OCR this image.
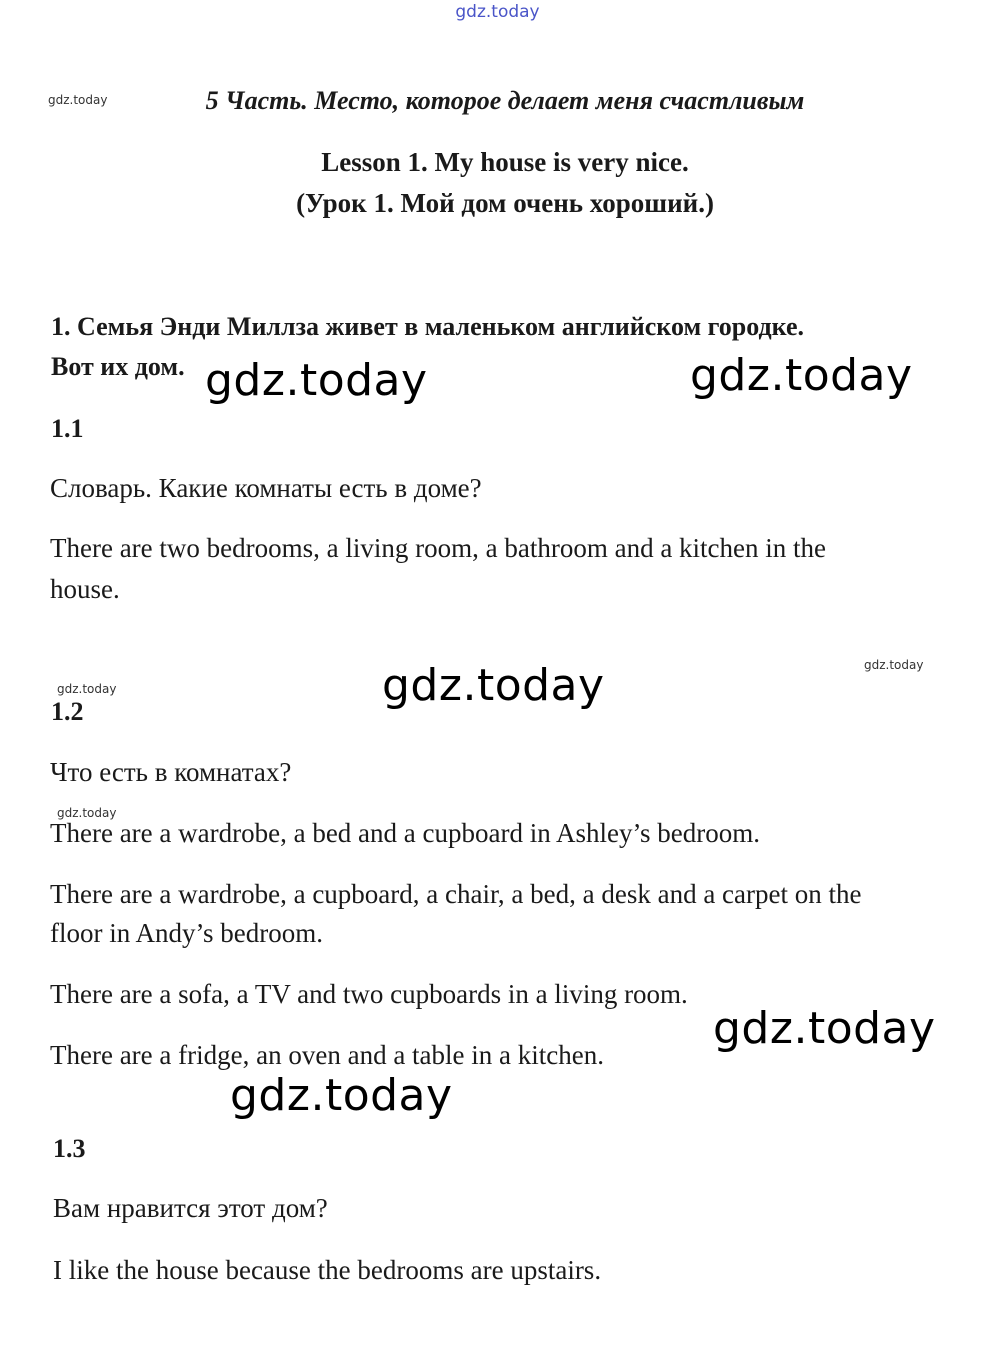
gdz.today
gdz.today	5 Часть. Место, которое делает меня счастливым
Lesson 1. My house is very nice.
(Урок 1. Мой дом очень хороший.)
1. Семья Энди Миллза живет в маленьком английском городке.
Вот их дом. gdz.today	gdz.today
1.1
Словарь. Какие комнаты есть в доме?
There are two bedrooms, a living room, a bathroom and a kitchen in the
house.
gdz.today
gdz.today	gdz.today
1.2
Что есть в комнатах?
gdz.today
There are a wardrobe, a bed and a cupboard in Ashley’s bedroom.
There are a wardrobe, a cupboard, a chair, a bed, a desk and a carpet on the
floor in Andy’s bedroom.
There are a sofa, a TV and two cupboards in a living room.
gdz.today
There are a fridge, an oven and a table in a kitchen.
gdz.today
1.3
Вам нравится этот дом?
I like the house because the bedrooms are upstairs.
